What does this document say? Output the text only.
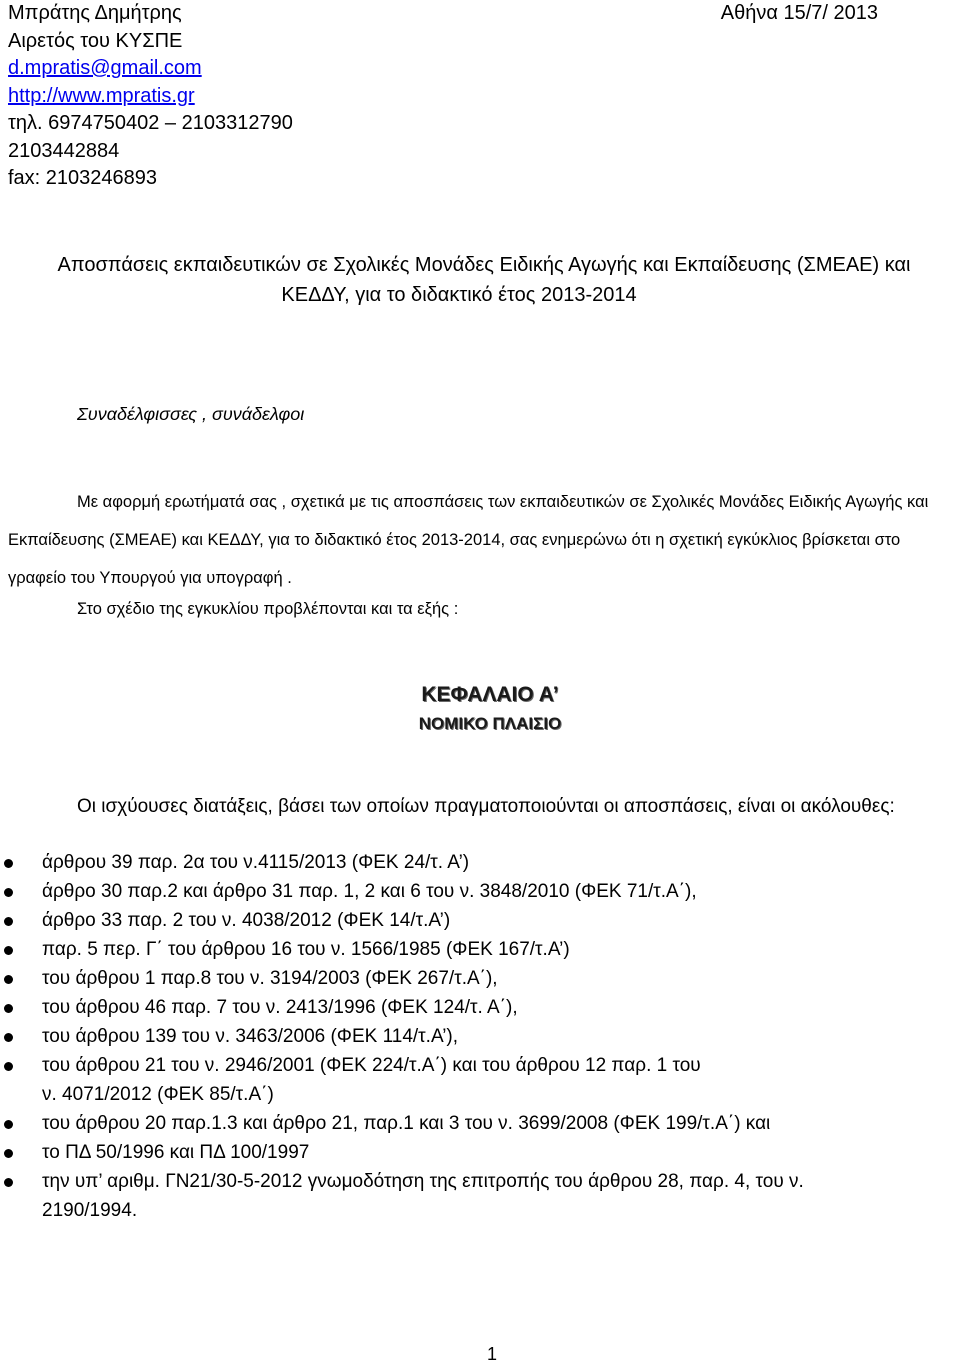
Μπράτης Δημήτρης
Αιρετός του ΚΥΣΠΕ
d.mpratis@gmail.com
http://www.mpratis.gr
τηλ. 6974750402 – 2103312790
2103442884
fax: 2103246893
Αθήνα 15/7/ 2013
Αποσπάσεις εκπαιδευτικών σε Σχολικές Μονάδες Ειδικής Αγωγής και Εκπαίδευσης (ΣΜΕΑΕ) και
ΚΕΔΔΥ, για το διδακτικό έτος 2013-2014
Συναδέλφισσες , συνάδελφοι
Με αφορμή ερωτήματά σας , σχετικά με τις αποσπάσεις των εκπαιδευτικών σε Σχολικές Μονάδες Ειδικής Αγωγής και Εκπαίδευσης (ΣΜΕΑΕ) και ΚΕΔΔΥ, για το διδακτικό έτος 2013-2014, σας ενημερώνω ότι η σχετική εγκύκλιος βρίσκεται στο γραφείο του Υπουργού για υπογραφή .
Στο σχέδιο της εγκυκλίου προβλέπονται και τα εξής :
ΚΕΦΑΛΑΙΟ Α’
ΝΟΜΙΚΟ ΠΛΑΙΣΙΟ
Οι ισχύουσες διατάξεις, βάσει των οποίων πραγματοποιούνται οι αποσπάσεις, είναι οι ακόλουθες:
άρθρου 39 παρ. 2α του ν.4115/2013 (ΦΕΚ 24/τ. Α’)
άρθρο 30 παρ.2 και άρθρο 31 παρ. 1, 2 και 6 του ν. 3848/2010 (ΦΕΚ 71/τ.Α΄),
άρθρο 33 παρ. 2 του ν. 4038/2012 (ΦΕΚ 14/τ.Α’)
παρ. 5 περ. Γ΄ του άρθρου 16 του ν. 1566/1985 (ΦΕΚ 167/τ.Α’)
του άρθρου 1 παρ.8 του ν. 3194/2003 (ΦΕΚ 267/τ.Α΄),
του άρθρου 46 παρ. 7 του ν. 2413/1996 (ΦΕΚ 124/τ. Α΄),
του άρθρου 139 του ν. 3463/2006 (ΦΕΚ 114/τ.Α’),
του άρθρου 21 του ν. 2946/2001 (ΦΕΚ 224/τ.Α΄) και του άρθρου 12 παρ. 1 του
ν. 4071/2012 (ΦΕΚ 85/τ.Α΄)
του άρθρου 20 παρ.1.3 και άρθρο 21, παρ.1 και 3 του ν. 3699/2008 (ΦΕΚ 199/τ.Α΄) και
το ΠΔ 50/1996 και ΠΔ 100/1997
την υπ’ αριθμ. ΓΝ21/30-5-2012 γνωμοδότηση της επιτροπής του άρθρου 28, παρ. 4, του ν.
2190/1994.
1
